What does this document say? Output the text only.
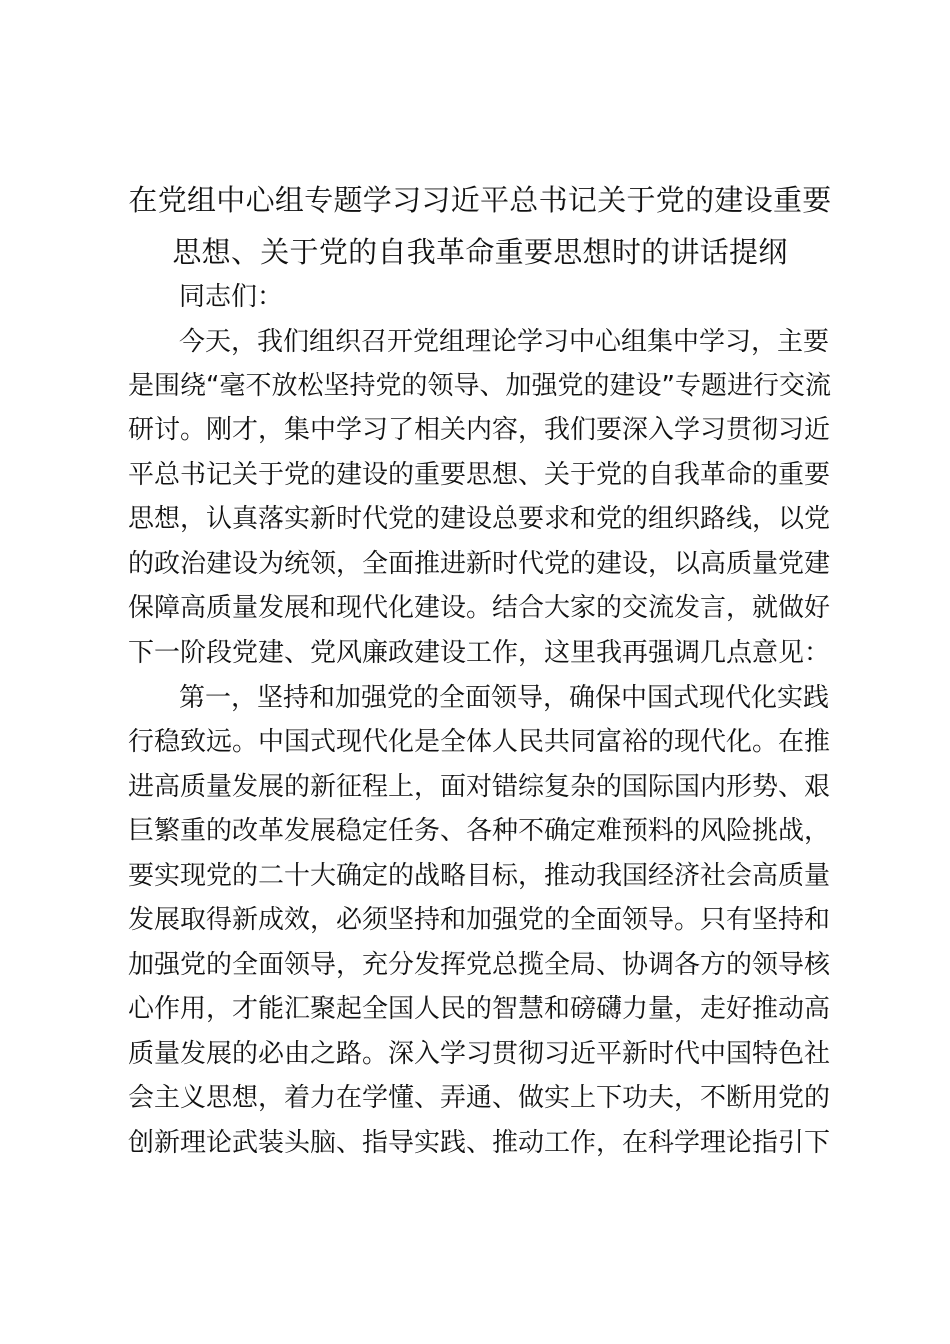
在党组中心组专题学习习近平总书记关于党的建设重要
思想、关于党的自我革命重要思想时的讲话提纲
同志们：
今天，我们组织召开党组理论学习中心组集中学习，主要
是围绕“毫不放松坚持党的领导、加强党的建设”专题进行交流
研讨。刚才，集中学习了相关内容，我们要深入学习贯彻习近
平总书记关于党的建设的重要思想、关于党的自我革命的重要
思想，认真落实新时代党的建设总要求和党的组织路线，以党
的政治建设为统领，全面推进新时代党的建设，以高质量党建
保障高质量发展和现代化建设。结合大家的交流发言，就做好
下一阶段党建、党风廉政建设工作，这里我再强调几点意见：
第一，坚持和加强党的全面领导，确保中国式现代化实践
行稳致远。中国式现代化是全体人民共同富裕的现代化。在推
进高质量发展的新征程上，面对错综复杂的国际国内形势、艰
巨繁重的改革发展稳定任务、各种不确定难预料的风险挑战，
要实现党的二十大确定的战略目标，推动我国经济社会高质量
发展取得新成效，必须坚持和加强党的全面领导。只有坚持和
加强党的全面领导，充分发挥党总揽全局、协调各方的领导核
心作用，才能汇聚起全国人民的智慧和磅礴力量，走好推动高
质量发展的必由之路。深入学习贯彻习近平新时代中国特色社
会主义思想，着力在学懂、弄通、做实上下功夫，不断用党的
创新理论武装头脑、指导实践、推动工作，在科学理论指引下
